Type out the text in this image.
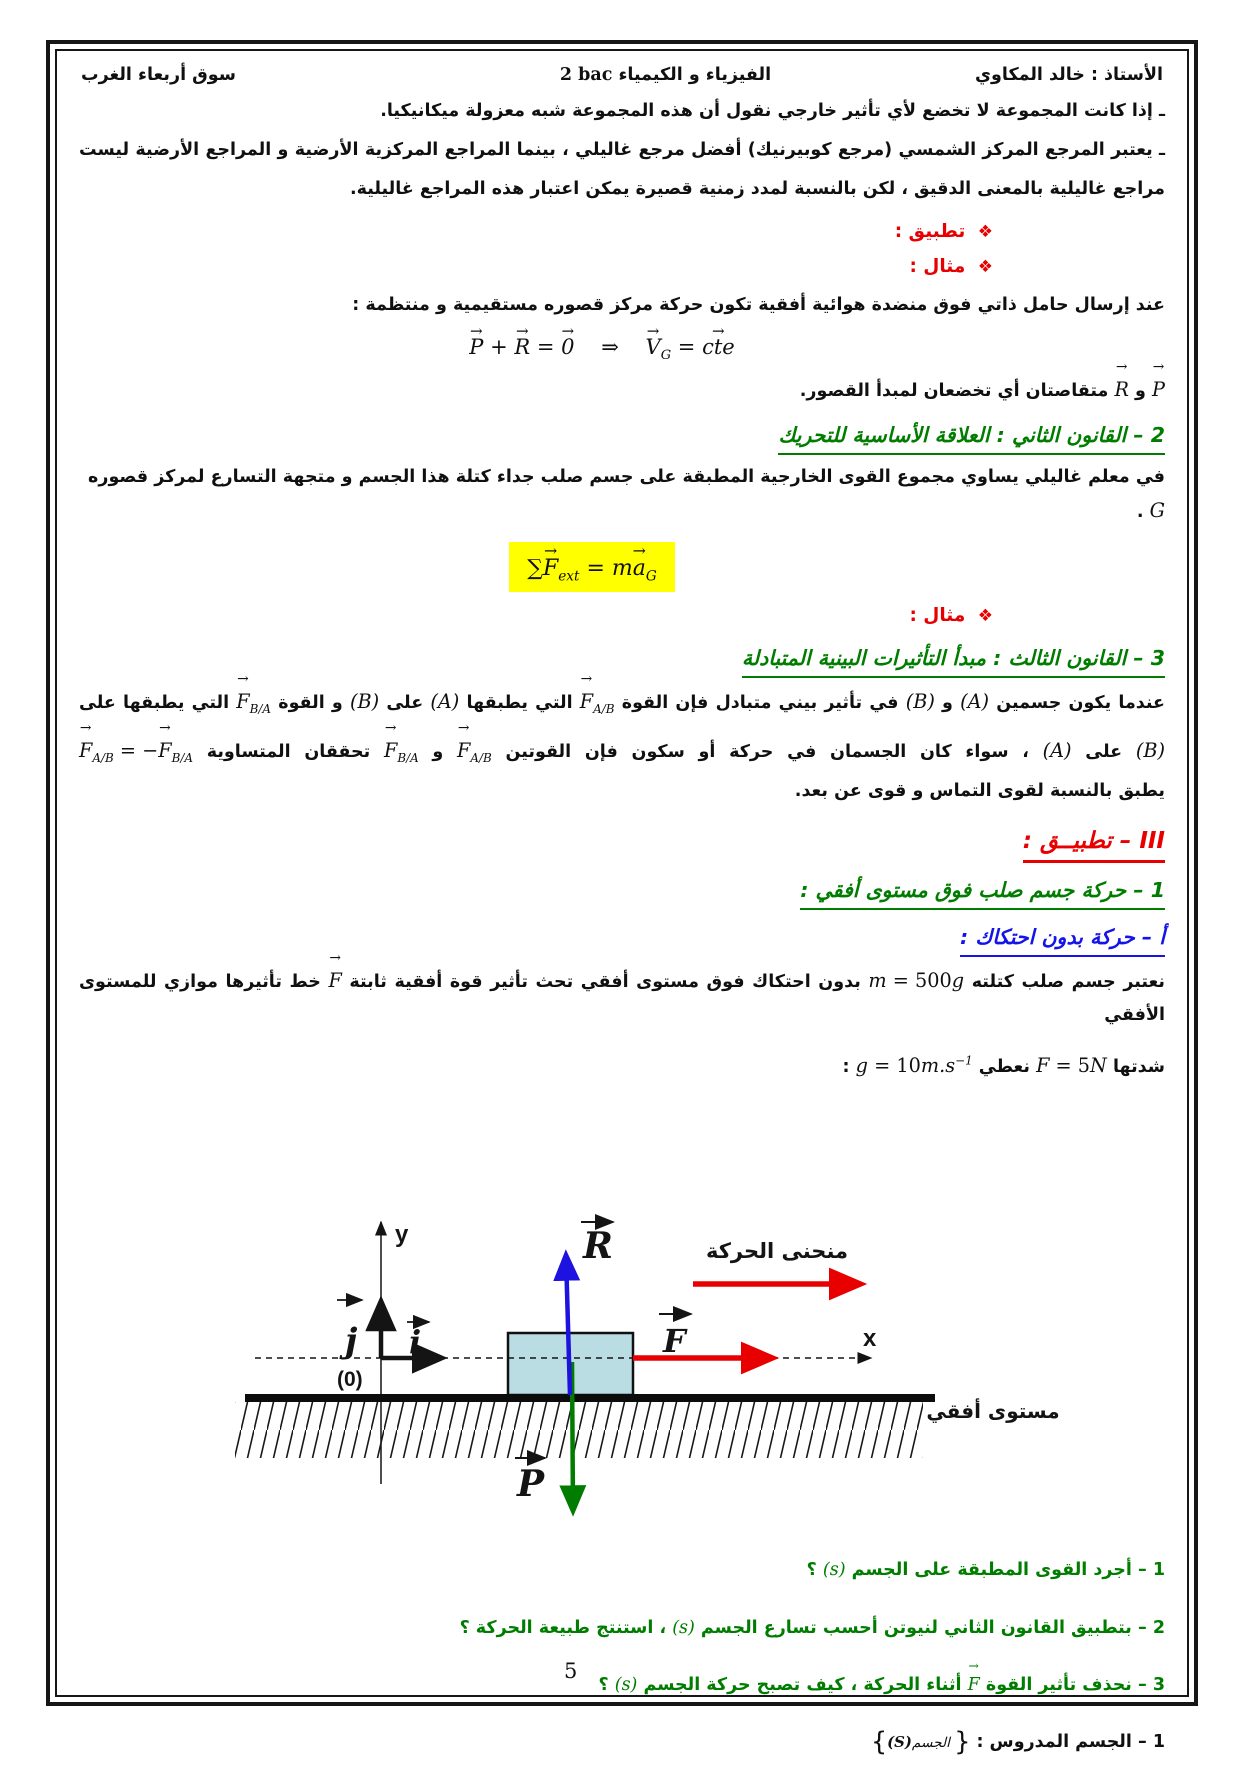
الأستاذ : خالد المكاوي
الفيزياء و الكيمياء 2 bac
سوق أربعاء الغرب
ـ إذا كانت المجموعة لا تخضع لأي تأثير خارجي نقول أن هذه المجموعة شبه معزولة ميكانيكيا.
ـ يعتبر المرجع المركز الشمسي (مرجع كوبيرنيك) أفضل مرجع غاليلي ، بينما المراجع المركزية الأرضية و المراجع الأرضية ليست
مراجع غاليلية بالمعنى الدقيق ، لكن بالنسبة لمدد زمنية قصيرة يمكن اعتبار هذه المراجع غاليلية.
❖ تطبيق :
❖ مثال :
عند إرسال حامل ذاتي فوق منضدة هوائية أفقية تكون حركة مركز قصوره مستقيمية و منتظمة :
→ P + → R = → 0    ⇒    → $V_G$ = → cte
→ P و → R متقاصتان أي تخضعان لمبدأ القصور.
2 – القانون الثاني : العلاقة الأساسية للتحريك
في معلم غاليلي يساوي مجموع القوى الخارجية المطبقة على جسم صلب جداء كتلة هذا الجسم و متجهة التسارع لمركز قصوره G .
∑→ $F_{ext} = m\to a_G$
❖ مثال :
3 – القانون الثالث : مبدأ التأثيرات البينية المتبادلة
عندما يكون جسمين (A) و (B) في تأثير بيني متبادل فإن القوة → $F_{A/B}$ التي يطبقها (A) على (B) و القوة → $F_{B/A}$ التي يطبقها على
(B) على (A) ، سواء كان الجسمان في حركة أو سكون فإن القوتين → $F_{A/B}$ و → $F_{B/A}$ تحققان المتساوية → $F_{A/B}$ = −→ $F_{B/A}$
يطبق بالنسبة لقوى التماس و قوى عن بعد.
III – تطبيــق :
1 – حركة جسم صلب فوق مستوى أفقي :
أ – حركة بدون احتكاك :
نعتبر جسم صلب كتلته m = 500g بدون احتكاك فوق مستوى أفقي تحث تأثير قوة أفقية ثابتة → F خط تأثيرها موازي للمستوى الأفقي
شدتها F = 5N نعطي $g = 10m.s^{-1}$ :
y
x
j i
(0)
مستوى أفقي
R
F
P
منحنى الحركة
1 – أجرد القوى المطبقة على الجسم (s) ؟
2 – بتطبيق القانون الثاني لنيوتن أحسب تسارع الجسم (s) ، استنتج طبيعة الحركة ؟
3 – نحذف تأثير القوة → F أثناء الحركة ، كيف تصبح حركة الجسم (s) ؟
1 – الجسم المدروس : { الجسم(S)}
5
